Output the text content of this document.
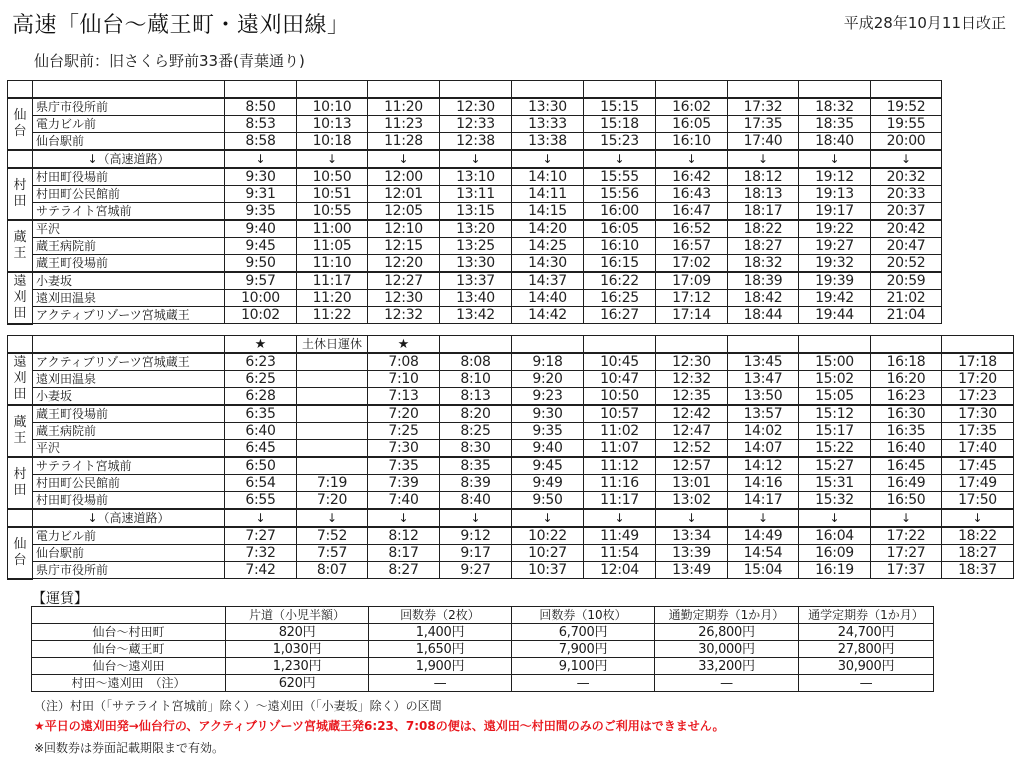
高速「仙台〜蔵王町・遠刈田線」	平成28年10月11日改正
仙台駅前：旧さくら野前33番(青葉通り)

仙
台	県庁市役所前	8:50	10:10	11:20	12:30	13:30	15:15	16:02	17:32	18:32	19:52
	電力ビル前	8:53	10:13	11:23	12:33	13:33	15:18	16:05	17:35	18:35	19:55
	仙台駅前	8:58	10:18	11:28	12:38	13:38	15:23	16:10	17:40	18:40	20:00
	↓（高速道路）	↓	↓	↓	↓	↓	↓	↓	↓	↓	↓

村
田	村田町役場前	9:30	10:50	12:00	13:10	14:10	15:55	16:42	18:12	19:12	20:32
	村田町公民館前	9:31	10:51	12:01	13:11	14:11	15:56	16:43	18:13	19:13	20:33
	サテライト宮城前	9:35	10:55	12:05	13:15	14:15	16:00	16:47	18:17	19:17	20:37

蔵
王	平沢	9:40	11:00	12:10	13:20	14:20	16:05	16:52	18:22	19:22	20:42
	蔵王病院前	9:45	11:05	12:15	13:25	14:25	16:10	16:57	18:27	19:27	20:47
	蔵王町役場前	9:50	11:10	12:20	13:30	14:30	16:15	17:02	18:32	19:32	20:52

遠
刈
田	小妻坂	9:57	11:17	12:27	13:37	14:37	16:22	17:09	18:39	19:39	20:59
	遠刈田温泉	10:00	11:20	12:30	13:40	14:40	16:25	17:12	18:42	19:42	21:02
	アクティブリゾーツ宮城蔵王	10:02	11:22	12:32	13:42	14:42	16:27	17:14	18:44	19:44	21:04
		★	土休日運休	★								

遠
刈
田	アクティブリゾーツ宮城蔵王	6:23		7:08	8:08	9:18	10:45	12:30	13:45	15:00	16:18	17:18
	遠刈田温泉	6:25		7:10	8:10	9:20	10:47	12:32	13:47	15:02	16:20	17:20
	小妻坂	6:28		7:13	8:13	9:23	10:50	12:35	13:50	15:05	16:23	17:23

蔵
王	蔵王町役場前	6:35		7:20	8:20	9:30	10:57	12:42	13:57	15:12	16:30	17:30
	蔵王病院前	6:40		7:25	8:25	9:35	11:02	12:47	14:02	15:17	16:35	17:35
	平沢	6:45		7:30	8:30	9:40	11:07	12:52	14:07	15:22	16:40	17:40

村
田	サテライト宮城前	6:50		7:35	8:35	9:45	11:12	12:57	14:12	15:27	16:45	17:45
	村田町公民館前	6:54	7:19	7:39	8:39	9:49	11:16	13:01	14:16	15:31	16:49	17:49
	村田町役場前	6:55	7:20	7:40	8:40	9:50	11:17	13:02	14:17	15:32	16:50	17:50
	↓（高速道路）	↓	↓	↓	↓	↓	↓	↓	↓	↓	↓	↓

仙
台	電力ビル前	7:27	7:52	8:12	9:12	10:22	11:49	13:34	14:49	16:04	17:22	18:22
	仙台駅前	7:32	7:57	8:17	9:17	10:27	11:54	13:39	14:54	16:09	17:27	18:27
	県庁市役所前	7:42	8:07	8:27	9:27	10:37	12:04	13:49	15:04	16:19	17:37	18:37
【運賃】
	片道（小児半額）	回数券（2枚）	回数券（10枚）	通勤定期券（1か月）	通学定期券（1か月）
仙台〜村田町	820円	1,400円	6,700円	26,800円	24,700円
仙台〜蔵王町	1,030円	1,650円	7,900円	30,000円	27,800円
仙台〜遠刈田	1,230円	1,900円	9,100円	33,200円	30,900円
村田〜遠刈田　（注）	620円	—	—	—	—
（注）村田（「サテライト宮城前」除く）〜遠刈田（「小妻坂」除く）の区間
★平日の遠刈田発→仙台行の、アクティブリゾーツ宮城蔵王発6:23、7:08の便は、遠刈田〜村田間のみのご利用はできません。
※回数券は券面記載期限まで有効。
